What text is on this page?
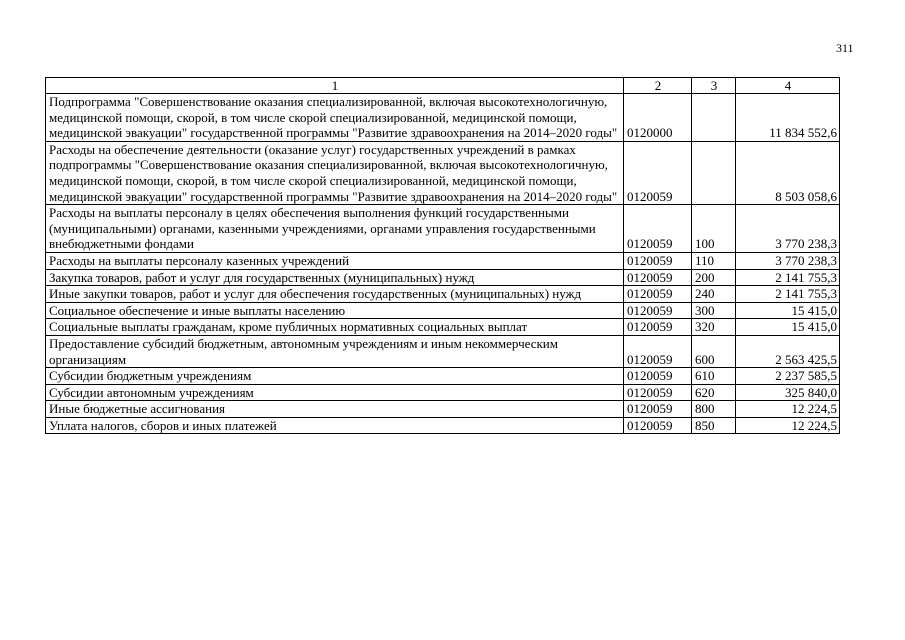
311
1	2	3	4
Подпрограмма "Совершенствование оказания специализированной, включая высокотехнологичную, медицинской помощи, скорой, в том числе скорой специализированной, медицинской помощи, медицинской эвакуации" государственной программы "Развитие здравоохранения на 2014–2020 годы"	0120000		11 834 552,6
Расходы на обеспечение деятельности (оказание услуг) государственных учреждений в рамках подпрограммы "Совершенствование оказания специализированной, включая высокотехнологичную, медицинской помощи, скорой, в том числе скорой специализированной, медицинской помощи, медицинской эвакуации" государственной программы "Развитие здравоохранения на 2014–2020 годы"	0120059		8 503 058,6
Расходы на выплаты персоналу в целях обеспечения выполнения функций государственными (муниципальными) органами, казенными учреждениями, органами управления государственными внебюджетными фондами	0120059	100	3 770 238,3
Расходы на выплаты персоналу казенных учреждений	0120059	110	3 770 238,3
Закупка товаров, работ и услуг для государственных (муниципальных) нужд	0120059	200	2 141 755,3
Иные закупки товаров, работ и услуг для обеспечения государственных (муниципальных) нужд	0120059	240	2 141 755,3
Социальное обеспечение и иные выплаты населению	0120059	300	15 415,0
Социальные выплаты гражданам, кроме публичных нормативных социальных выплат	0120059	320	15 415,0
Предоставление субсидий бюджетным, автономным учреждениям и иным некоммерческим организациям	0120059	600	2 563 425,5
Субсидии бюджетным учреждениям	0120059	610	2 237 585,5
Субсидии автономным учреждениям	0120059	620	325 840,0
Иные бюджетные ассигнования	0120059	800	12 224,5
Уплата налогов, сборов и иных платежей	0120059	850	12 224,5
